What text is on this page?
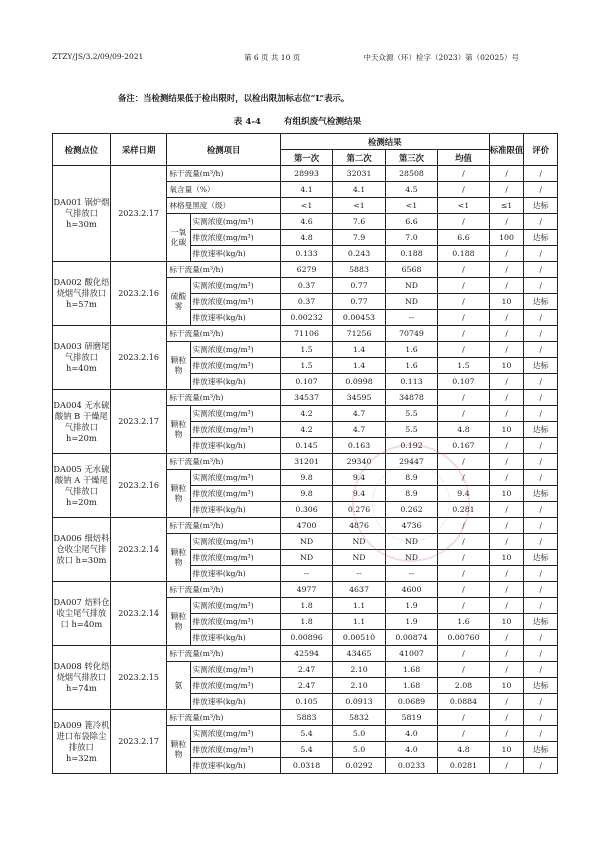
ZTZY/JS/3.2/09/09-2021	第 6 页 共 10 页	中天众源（环）检字（2023）第（02025）号
备注：当检测结果低于检出限时，以检出限加标志位“L”表示。
表 4-4	有组织废气检测结果
检测点位	采样日期	检测项目		检测结果				标准限值	评价
				第一次	第二次	第三次	均值		
DA001 锅炉烟气排放口 h=30m	2023.2.17	标干流量(m³/h)		28993	32031	28508	/	/	/
		氧含量（%）		4.1	4.1	4.5	/	/	/
		林格曼黑度（级）		<1	<1	<1	<1	≤1	达标
		一氧化碳	实测浓度(mg/m³)	4.6	7.6	6.6	/	/	/
			排放浓度(mg/m³)	4.8	7.9	7.0	6.6	100	达标
			排放速率(kg/h)	0.133	0.243	0.188	0.188	/	/
DA002 酸化焙烧烟气排放口 h=57m	2023.2.16	标干流量(m³/h)		6279	5883	6568	/	/	/
		硫酸雾	实测浓度(mg/m³)	0.37	0.77	ND	/	/	/
			排放浓度(mg/m³)	0.37	0.77	ND	/	10	达标
			排放速率(kg/h)	0.00232	0.00453	--	/	/	/
DA003 研磨尾气排放口 h=40m	2023.2.16	标干流量(m³/h)		71106	71256	70749	/	/	/
		颗粒物	实测浓度(mg/m³)	1.5	1.4	1.6	/	/	/
			排放浓度(mg/m³)	1.5	1.4	1.6	1.5	10	达标
			排放速率(kg/h)	0.107	0.0998	0.113	0.107	/	/
DA004 无水硫酸钠 B 干燥尾气排放口 h=20m	2023.2.17	标干流量(m³/h)		34537	34595	34878	/	/	/
		颗粒物	实测浓度(mg/m³)	4.2	4.7	5.5	/	/	/
			排放浓度(mg/m³)	4.2	4.7	5.5	4.8	10	达标
			排放速率(kg/h)	0.145	0.163	0.192	0.167	/	/
DA005 无水硫酸钠 A 干燥尾气排放口 h=20m	2023.2.16	标干流量(m³/h)		31201	29340	29447	/	/	/
		颗粒物	实测浓度(mg/m³)	9.8	9.4	8.9	/	/	/
			排放浓度(mg/m³)	9.8	9.4	8.9	9.4	10	达标
			排放速率(kg/h)	0.306	0.276	0.262	0.281	/	/
DA006 细焙料仓收尘尾气排放口 h=30m	2023.2.14	标干流量(m³/h)		4700	4876	4736	/	/	/
		颗粒物	实测浓度(mg/m³)	ND	ND	ND	/	/	/
			排放浓度(mg/m³)	ND	ND	ND	/	10	达标
			排放速率(kg/h)	--	--	--	/	/	/
DA007 焙料仓收尘尾气排放口 h=40m	2023.2.14	标干流量(m³/h)		4977	4637	4600	/	/	/
		颗粒物	实测浓度(mg/m³)	1.8	1.1	1.9	/	/	/
			排放浓度(mg/m³)	1.8	1.1	1.9	1.6	10	达标
			排放速率(kg/h)	0.00896	0.00510	0.00874	0.00760	/	/
DA008 转化焙烧烟气排放口 h=74m	2023.2.15	标干流量(m³/h)		42594	43465	41007	/	/	/
		氨	实测浓度(mg/m³)	2.47	2.10	1.68	/	/	/
			排放浓度(mg/m³)	2.47	2.10	1.68	2.08	10	达标
			排放速率(kg/h)	0.105	0.0913	0.0689	0.0884	/	/
DA009 篦冷机进口布袋除尘排放口 h=32m	2023.2.17	标干流量(m³/h)		5883	5832	5819	/	/	/
		颗粒物	实测浓度(mg/m³)	5.4	5.0	4.0	/	/	/
			排放浓度(mg/m³)	5.4	5.0	4.0	4.8	10	达标
			排放速率(kg/h)	0.0318	0.0292	0.0233	0.0281	/	/
